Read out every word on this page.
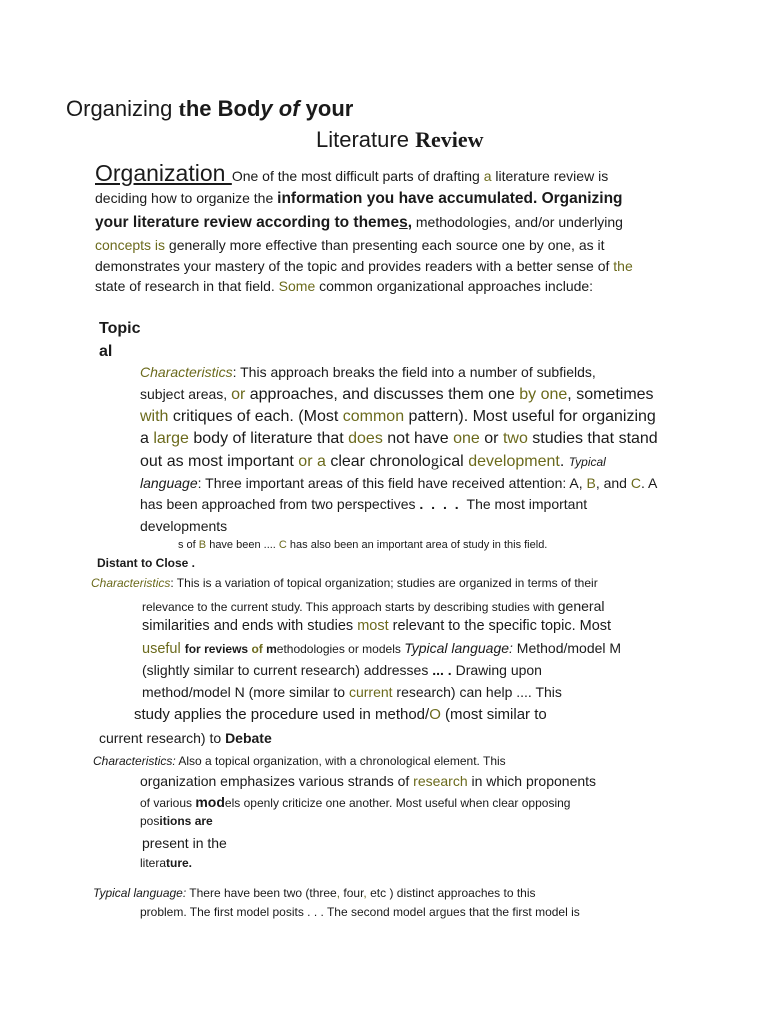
Organizing the Body of your
Literature Review
Organization One of the most difficult parts of drafting a literature review is
deciding how to organize the information you have accumulated. Organizing
your literature review according to themes, methodologies, and/or underlying
concepts is generally more effective than presenting each source one by one, as it
demonstrates your mastery of the topic and provides readers with a better sense of the
state of research in that field. Some common organizational approaches include:
Topic
al
Characteristics: This approach breaks the field into a number of subfields,
subject areas, or approaches, and discusses them one by one, sometimes
with critiques of each. (Most common pattern). Most useful for organizing
a large body of literature that does not have one or two studies that stand
out as most important or a clear chronological development. Typical
language: Three important areas of this field have received attention: A, B, and C. A
has been approached from two perspectives . . . . The most important
developments
s of B have been .... C has also been an important area of study in this field.
Distant to Close .
Characteristics: This is a variation of topical organization; studies are organized in terms of their
relevance to the current study. This approach starts by describing studies with general
similarities and ends with studies most relevant to the specific topic. Most
useful for reviews of methodologies or models Typical language: Method/model M
(slightly similar to current research) addresses ... . Drawing upon
method/model N (more similar to current research) can help .... This
study applies the procedure used in method/O (most similar to
current research) to Debate
Characteristics: Also a topical organization, with a chronological element. This
organization emphasizes various strands of research in which proponents
of various models openly criticize one another. Most useful when clear opposing
positions are
present in the
literature.
Typical language: There have been two (three, four, etc ) distinct approaches to this
problem. The first model posits . . . The second model argues that the first model is
